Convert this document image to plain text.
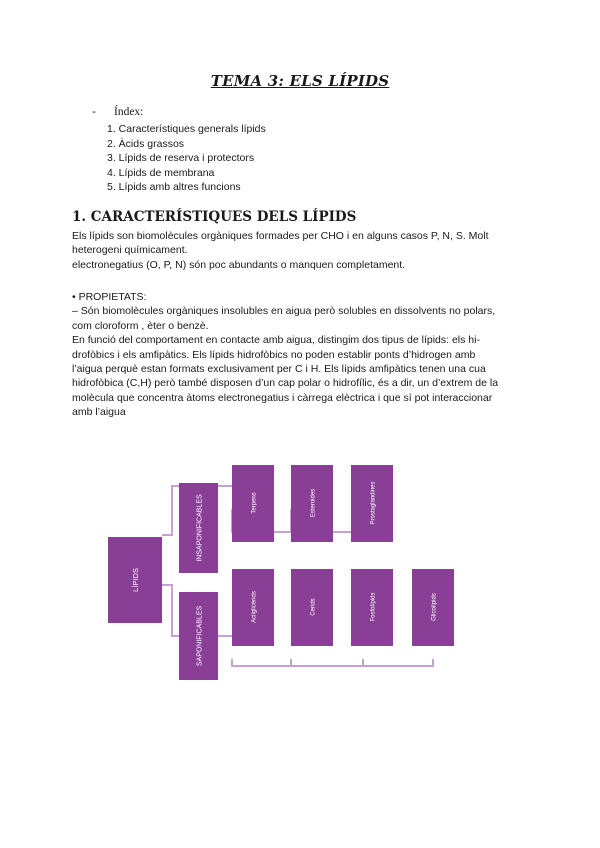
TEMA 3: ELS LÍPIDS
- Índex:
1. Característiques generals lípids
2. Àcids grassos
3. Lípids de reserva i protectors
4. Lípids de membrana
5. Lípids amb altres funcions
1. CARACTERÍSTIQUES DELS LÍPIDS
Els lípids son biomolècules orgàniques formades per CHO i en alguns casos P, N, S. Molt
heterogeni químicament.
electronegatius (O, P, N) són poc abundants o manquen completament.
• PROPIETATS:
– Són biomolècules orgàniques insolubles en aigua però solubles en dissolvents no polars,
com cloroform , èter o benzè.
En funció del comportament en contacte amb aigua, distingim dos tipus de lípids: els hi-
drofòbics i els amfipàtics. Els lípids hidrofòbics no poden establir ponts d’hidrogen amb
l’aigua perquè estan formats exclusivament per C i H. Els lípids amfipàtics tenen una cua
hidrofòbica (C,H) però també disposen d’un cap polar o hidrofílic, és a dir, un d’extrem de la
molècula que concentra àtoms electronegatius i càrrega elèctrica i que sí pot interaccionar
amb l’aigua
LÍPIDS
INSAPONIFICABLES
SAPONIFICABLES
Terpens	Esteroides	Prostaglandines
Acilglicèrids	Cerids	Fosfolípids	Glicolípids
